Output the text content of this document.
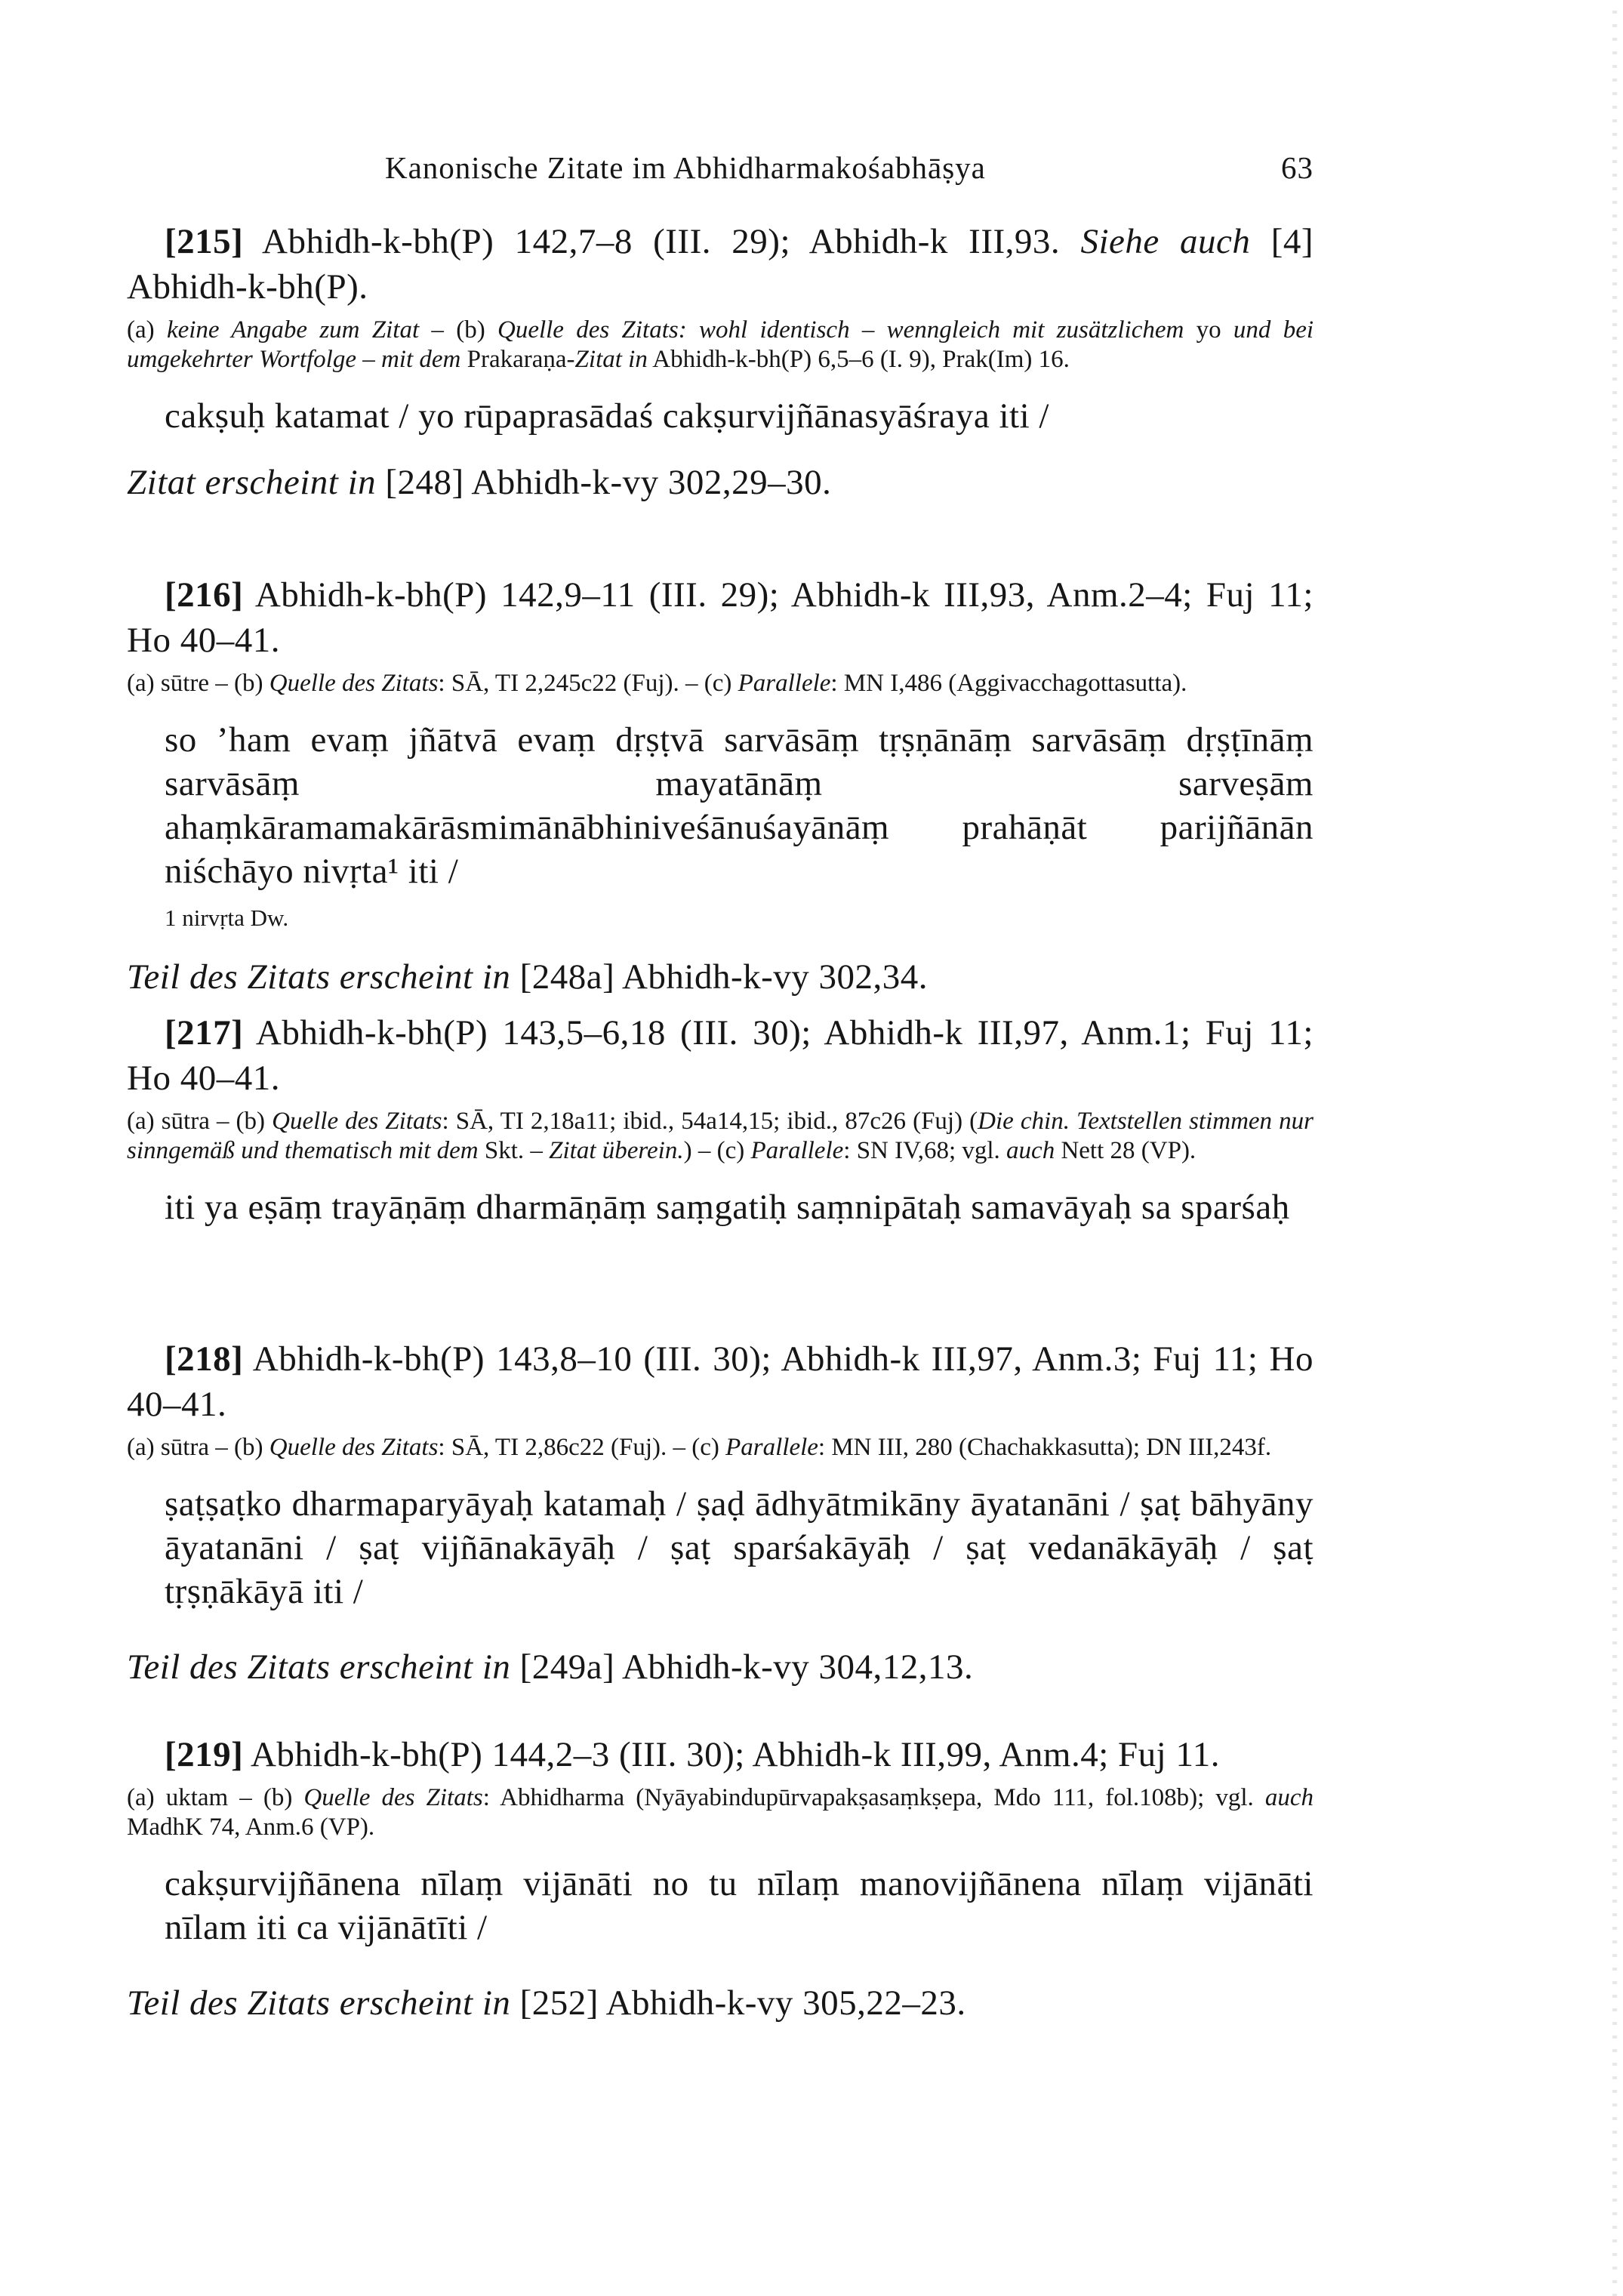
Kanonische Zitate im Abhidharmakośabhāṣya	63

[215] Abhidh-k-bh(P) 142,7–8 (III. 29); Abhidh-k III,93. Siehe auch [4] Abhidh-k-bh(P).

(a) keine Angabe zum Zitat – (b) Quelle des Zitats: wohl identisch – wenngleich mit zusätzlichem yo und bei umgekehrter Wortfolge – mit dem Prakaraṇa-Zitat in Abhidh-k-bh(P) 6,5–6 (I. 9), Prak(Im) 16.

cakṣuḥ katamat / yo rūpaprasādaś cakṣurvijñānasyāśraya iti /

Zitat erscheint in [248] Abhidh-k-vy 302,29–30.

[216] Abhidh-k-bh(P) 142,9–11 (III. 29); Abhidh-k III,93, Anm.2–4; Fuj 11; Ho 40–41.

(a) sūtre – (b) Quelle des Zitats: SĀ, TI 2,245c22 (Fuj). – (c) Parallele: MN I,486 (Aggivacchagottasutta).

so ’ham evaṃ jñātvā evaṃ dṛṣṭvā sarvāsāṃ tṛṣṇānāṃ sarvāsāṃ dṛṣṭīnāṃ sarvāsāṃ mayatānāṃ sarveṣām ahaṃkāramamakārāsmimānābhiniveśānuśayānāṃ prahāṇāt parijñānān niśchāyo nivṛta¹ iti /

1 nirvṛta Dw.

Teil des Zitats erscheint in [248a] Abhidh-k-vy 302,34.

[217] Abhidh-k-bh(P) 143,5–6,18 (III. 30); Abhidh-k III,97, Anm.1; Fuj 11; Ho 40–41.

(a) sūtra – (b) Quelle des Zitats: SĀ, TI 2,18a11; ibid., 54a14,15; ibid., 87c26 (Fuj) (Die chin. Textstellen stimmen nur sinngemäß und thematisch mit dem Skt. – Zitat überein.) – (c) Parallele: SN IV,68; vgl. auch Nett 28 (VP).

iti ya eṣāṃ trayāṇāṃ dharmāṇāṃ saṃgatiḥ saṃnipātaḥ samavāyaḥ sa sparśaḥ

[218] Abhidh-k-bh(P) 143,8–10 (III. 30); Abhidh-k III,97, Anm.3; Fuj 11; Ho 40–41.

(a) sūtra – (b) Quelle des Zitats: SĀ, TI 2,86c22 (Fuj). – (c) Parallele: MN III, 280 (Chachakkasutta); DN III,243f.

ṣaṭṣaṭko dharmaparyāyaḥ katamaḥ / ṣaḍ ādhyātmikāny āyatanāni / ṣaṭ bāhyāny āyatanāni / ṣaṭ vijñānakāyāḥ / ṣaṭ sparśakāyāḥ / ṣaṭ vedanākāyāḥ / ṣaṭ tṛṣṇākāyā iti /

Teil des Zitats erscheint in [249a] Abhidh-k-vy 304,12,13.

[219] Abhidh-k-bh(P) 144,2–3 (III. 30); Abhidh-k III,99, Anm.4; Fuj 11.

(a) uktam – (b) Quelle des Zitats: Abhidharma (Nyāyabindupūrvapakṣasaṃkṣepa, Mdo 111, fol.108b); vgl. auch MadhK 74, Anm.6 (VP).

cakṣurvijñānena nīlaṃ vijānāti no tu nīlaṃ manovijñānena nīlaṃ vijānāti nīlam iti ca vijānātīti /

Teil des Zitats erscheint in [252] Abhidh-k-vy 305,22–23.
